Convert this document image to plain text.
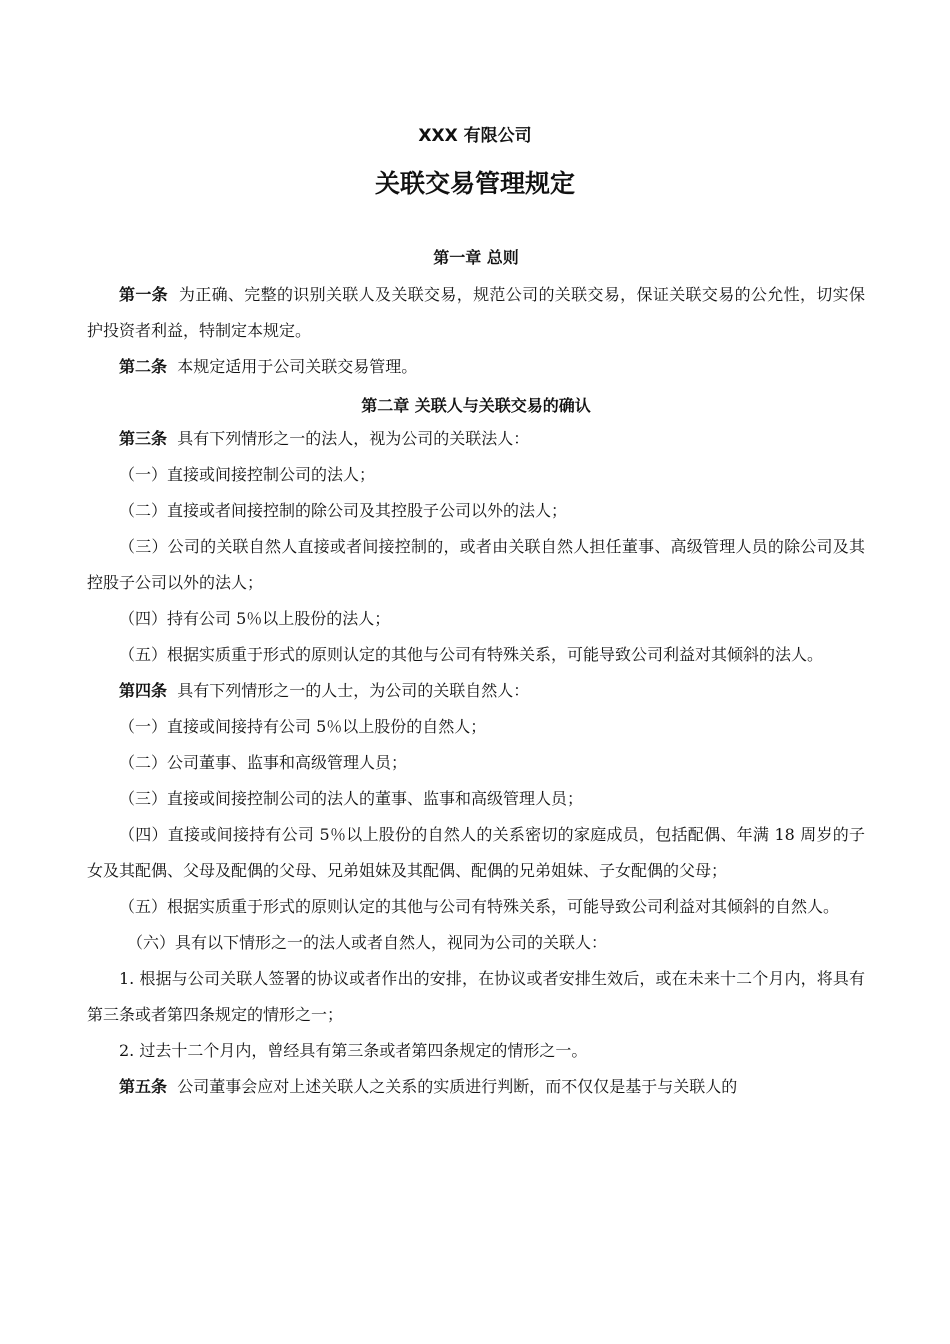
XXX 有限公司
关联交易管理规定

第一章 总则

第一条 为正确、完整的识别关联人及关联交易，规范公司的关联交易，保证关联交易的公允性，切实保护投资者利益，特制定本规定。

第二条 本规定适用于公司关联交易管理。

第二章 关联人与关联交易的确认

第三条 具有下列情形之一的法人，视为公司的关联法人：

（一）直接或间接控制公司的法人；

（二）直接或者间接控制的除公司及其控股子公司以外的法人；

（三）公司的关联自然人直接或者间接控制的，或者由关联自然人担任董事、高级管理人员的除公司及其控股子公司以外的法人；

（四）持有公司 5％以上股份的法人；

（五）根据实质重于形式的原则认定的其他与公司有特殊关系，可能导致公司利益对其倾斜的法人。

第四条 具有下列情形之一的人士，为公司的关联自然人：

（一）直接或间接持有公司 5％以上股份的自然人；

（二）公司董事、监事和高级管理人员；

（三）直接或间接控制公司的法人的董事、监事和高级管理人员；

（四）直接或间接持有公司 5％以上股份的自然人的关系密切的家庭成员，包括配偶、年满 18 周岁的子女及其配偶、父母及配偶的父母、兄弟姐妹及其配偶、配偶的兄弟姐妹、子女配偶的父母；

（五）根据实质重于形式的原则认定的其他与公司有特殊关系，可能导致公司利益对其倾斜的自然人。

（六）具有以下情形之一的法人或者自然人，视同为公司的关联人：

1. 根据与公司关联人签署的协议或者作出的安排，在协议或者安排生效后，或在未来十二个月内，将具有 第三条或者第四条规定的情形之一；

2. 过去十二个月内，曾经具有第三条或者第四条规定的情形之一。

第五条 公司董事会应对上述关联人之关系的实质进行判断，而不仅仅是基于与关联人的
